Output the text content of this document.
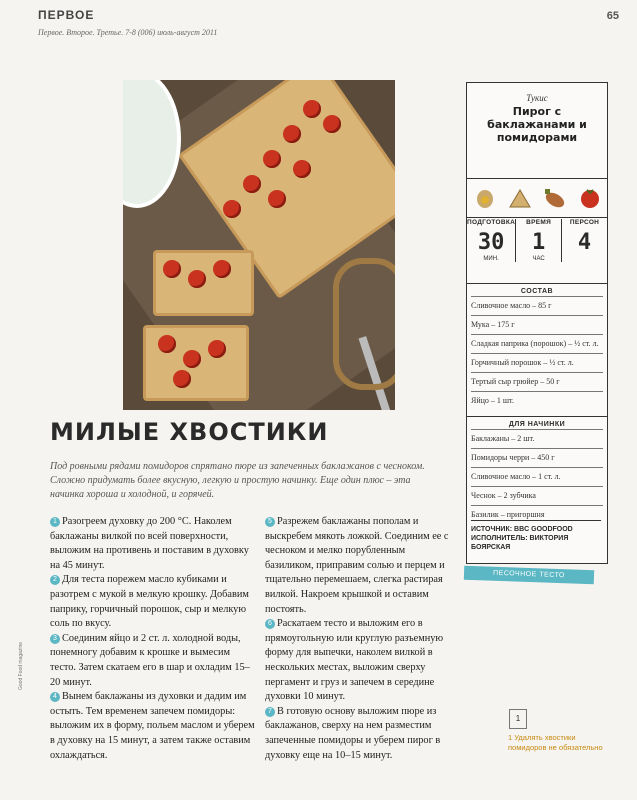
ПЕРВОЕ
Первое. Второе. Третье. 7-8 (006) июль-август 2011
65
МИЛЫЕ ХВОСТИКИ
Под ровными рядами помидоров спрятано пюре из запеченных баклажанов с чесноком. Сложно придумать более вкусную, легкую и простую начинку. Еще один плюс – эта начинка хороша и холодной, и горячей.
1 Разогреем духовку до 200 °С. Наколем баклажаны вилкой по всей поверхности, выложим на противень и поставим в духовку на 45 минут.
2 Для теста порежем масло кубиками и разотрем с мукой в мелкую крошку. Добавим паприку, горчичный порошок, сыр и мелкую соль по вкусу.
3 Соединим яйцо и 2 ст. л. холодной воды, понемногу добавим к крошке и вымесим тесто. Затем скатаем его в шар и охладим 15–20 минут.
4 Вынем баклажаны из духовки и дадим им остыть. Тем временем запечем помидоры: выложим их в форму, польем маслом и уберем в духовку на 15 минут, а затем также оставим охлаждаться.
5 Разрежем баклажаны пополам и выскребем мякоть ложкой. Соединим ее с чесноком и мелко порубленным базиликом, приправим солью и перцем и тщательно перемешаем, слегка растирая вилкой. Накроем крышкой и оставим постоять.
6 Раскатаем тесто и выложим его в прямоугольную или круглую разъемную форму для выпечки, наколем вилкой в нескольких местах, выложим сверху пергамент и груз и запечем в середине духовки 10 минут.
7 В готовую основу выложим пюре из баклажанов, сверху на нем разместим запеченные помидоры и уберем пирог в духовку еще на 10–15 минут.
Тукис
Пирог с баклажанами и помидорами
ПОДГОТОВКА
30
МИН.
ВРЕМЯ
1
ЧАС
ПЕРСОН
4
СОСТАВ
Сливочное масло – 85 г
Мука – 175 г
Сладкая паприка (порошок) – ½ ст. л.
Горчичный порошок – ½ ст. л.
Тертый сыр грюйер – 50 г
Яйцо – 1 шт.
ДЛЯ НАЧИНКИ
Баклажаны – 2 шт.
Помидоры черри – 450 г
Сливочное масло – 1 ст. л.
Чеснок – 2 зубчика
Базилик – пригоршня
ИСТОЧНИК: BBC GOODFOOD
ИСПОЛНИТЕЛЬ: ВИКТОРИЯ БОЯРСКАЯ
ПЕСОЧНОЕ ТЕСТО
1
1 Удалять хвостики помидоров не обязательно
Good Food magazine
